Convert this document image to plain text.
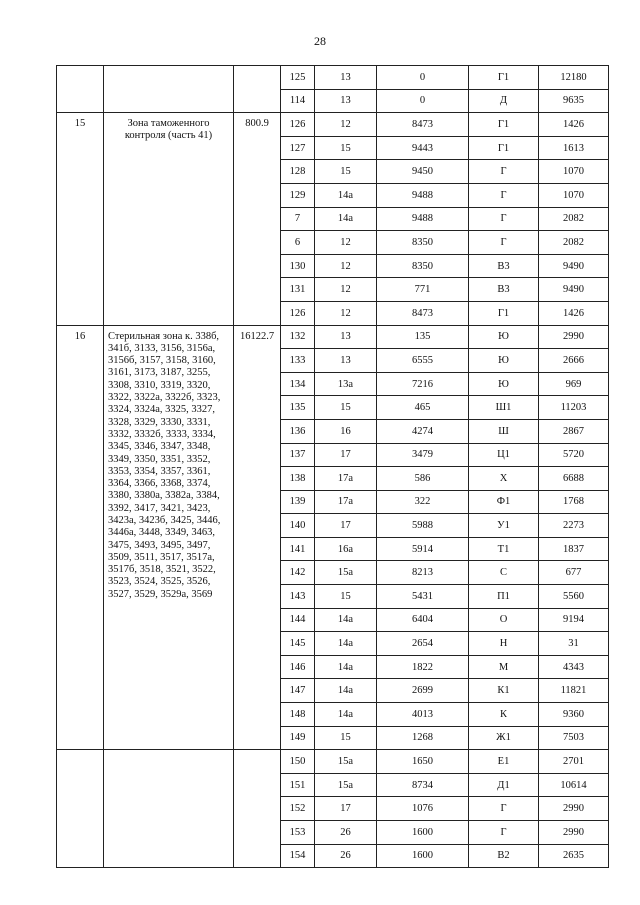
28
			125	13	0	Г1	12180
			114	13	0	Д	9635
15	Зона таможенного контроля (часть 41)	800.9	126	12	8473	Г1	1426
			127	15	9443	Г1	1613
			128	15	9450	Г	1070
			129	14а	9488	Г	1070
			7	14а	9488	Г	2082
			6	12	8350	Г	2082
			130	12	8350	В3	9490
			131	12	771	В3	9490
			126	12	8473	Г1	1426
16	Стерильная зона к. 338б, 341б, 3133, 3156, 3156а, 3156б, 3157, 3158, 3160, 3161, 3173, 3187, 3255, 3308, 3310, 3319, 3320, 3322, 3322а, 3322б, 3323, 3324, 3324а, 3325, 3327, 3328, 3329, 3330, 3331, 3332, 3332б, 3333, 3334, 3345, 3346, 3347, 3348, 3349, 3350, 3351, 3352, 3353, 3354, 3357, 3361, 3364, 3366, 3368, 3374, 3380, 3380а, 3382а, 3384, 3392, 3417, 3421, 3423, 3423а, 3423б, 3425, 3446, 3446а, 3448, 3349, 3463, 3475, 3493, 3495, 3497, 3509, 3511, 3517, 3517а, 3517б, 3518, 3521, 3522, 3523, 3524, 3525, 3526, 3527, 3529, 3529а, 3569	16122.7	132	13	135	Ю	2990
			133	13	6555	Ю	2666
			134	13а	7216	Ю	969
			135	15	465	Ш1	11203
			136	16	4274	Ш	2867
			137	17	3479	Ц1	5720
			138	17а	586	Х	6688
			139	17а	322	Ф1	1768
			140	17	5988	У1	2273
			141	16а	5914	Т1	1837
			142	15а	8213	С	677
			143	15	5431	П1	5560
			144	14а	6404	О	9194
			145	14а	2654	Н	31
			146	14а	1822	М	4343
			147	14а	2699	К1	11821
			148	14а	4013	К	9360
			149	15	1268	Ж1	7503
			150	15а	1650	Е1	2701
			151	15а	8734	Д1	10614
			152	17	1076	Г	2990
			153	26	1600	Г	2990
			154	26	1600	В2	2635
